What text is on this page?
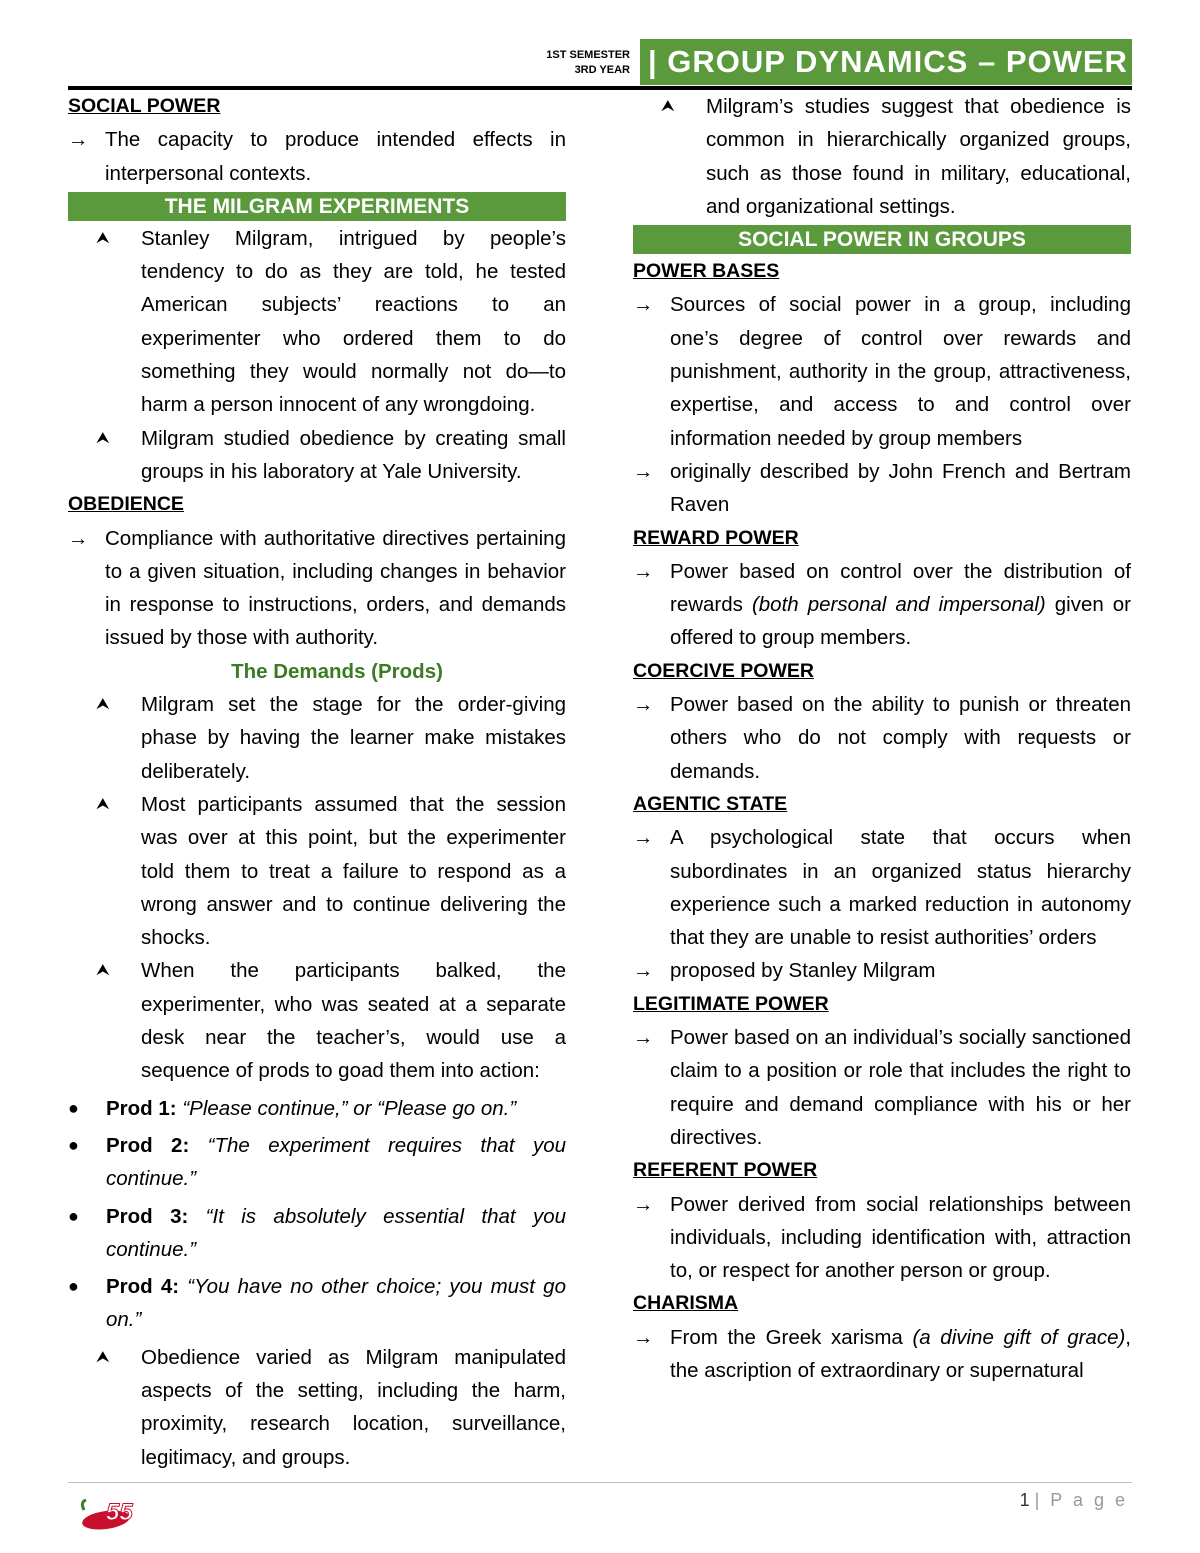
1ST SEMESTER
3RD YEAR | GROUP DYNAMICS – POWER
SOCIAL POWER
→ The capacity to produce intended effects in interpersonal contexts.
THE MILGRAM EXPERIMENTS
⮝	Stanley Milgram, intrigued by people’s tendency to do as they are told, he tested American subjects’ reactions to an experimenter who ordered them to do something they would normally not do—to harm a person innocent of any wrongdoing.
⮝	Milgram studied obedience by creating small groups in his laboratory at Yale University.
OBEDIENCE
→ Compliance with authoritative directives pertaining to a given situation, including changes in behavior in response to instructions, orders, and demands issued by those with authority.
The Demands (Prods)
⮝	Milgram set the stage for the order-giving phase by having the learner make mistakes deliberately.
⮝	Most participants assumed that the session was over at this point, but the experimenter told them to treat a failure to respond as a wrong answer and to continue delivering the shocks.
⮝	When the participants balked, the experimenter, who was seated at a separate desk near the teacher’s, would use a sequence of prods to goad them into action:
●	Prod 1: “Please continue,” or “Please go on.”
●	Prod 2: “The experiment requires that you continue.”
●	Prod 3: “It is absolutely essential that you continue.”
●	Prod 4: “You have no other choice; you must go on.”
⮝	Obedience varied as Milgram manipulated aspects of the setting, including the harm, proximity, research location, surveillance, legitimacy, and groups.
⮝	Milgram’s studies suggest that obedience is common in hierarchically organized groups, such as those found in military, educational, and organizational settings.
SOCIAL POWER IN GROUPS
POWER BASES
→ Sources of social power in a group, including one’s degree of control over rewards and punishment, authority in the group, attractiveness, expertise, and access to and control over information needed by group members
→ originally described by John French and Bertram Raven
REWARD POWER
→ Power based on control over the distribution of rewards (both personal and impersonal) given or offered to group members.
COERCIVE POWER
→ Power based on the ability to punish or threaten others who do not comply with requests or demands.
AGENTIC STATE
→ A psychological state that occurs when subordinates in an organized status hierarchy experience such a marked reduction in autonomy that they are unable to resist authorities’ orders
→ proposed by Stanley Milgram
LEGITIMATE POWER
→ Power based on an individual’s socially sanctioned claim to a position or role that includes the right to require and demand compliance with his or her directives.
REFERENT POWER
→ Power derived from social relationships between individuals, including identification with, attraction to, or respect for another person or group.
CHARISMA
→ From the Greek xarisma (a divine gift of grace), the ascription of extraordinary or supernatural
55	1 | P a g e
